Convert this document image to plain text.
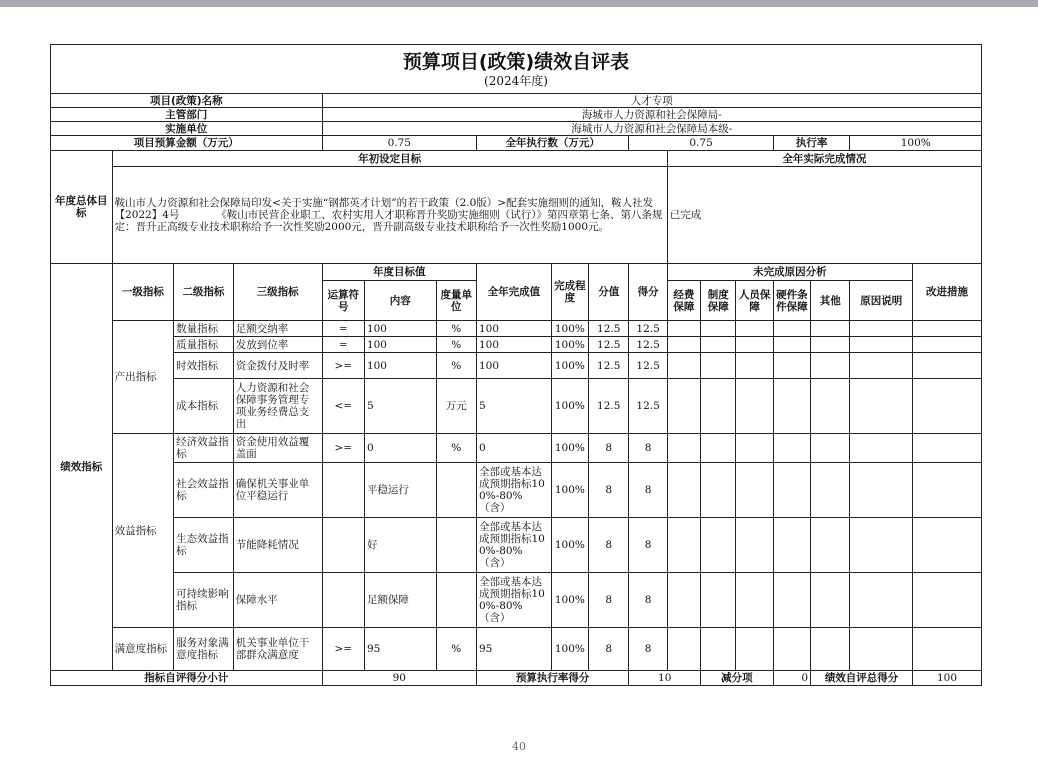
预算项目(政策)绩效自评表
(2024年度)																	

项目(政策)名称				人才专项													
主管部门				海城市人力资源和社会保障局-													
实施单位				海城市人力资源和社会保障局本级-													
项目预算金额（万元）				0.75			全年执行数（万元）			0.75				执行率		100%	
年度总体目标	年初设定目标										全年实际完成情况						
	鞍山市人力资源和社会保障局印发<关于实施“钢都英才计划”的若干政策（2.0版）>配套实施细则的通知，鞍人社发【2022】4号　　　　《鞍山市民营企业职工、农村实用人才职称晋升奖励实施细则（试行）》第四章第七条、第八条规定：晋升正高级专业技术职称给予一次性奖励2000元，晋升副高级专业技术职称给予一次性奖励1000元。										已完成						
绩效指标	一级指标	二级指标	三级指标	年度目标值			全年完成值	完成程度	分值	得分	未完成原因分析						改进措施
				运算符号	内容	度量单位					经费保障	制度保障	人员保障	硬件条件保障	其他	原因说明	

	产出指标	数量指标	足额交纳率	=	100	%	100	100%	12.5	12.5							
		质量指标	发放到位率	=	100	%	100	100%	12.5	12.5							
		时效指标	资金拨付及时率	>=	100	%	100	100%	12.5	12.5							
		成本指标	人力资源和社会保障事务管理专项业务经费总支出	<=	5	万元	5	100%	12.5	12.5							
	效益指标	经济效益指标	资金使用效益覆盖面	>=	0	%	0	100%	8	8							
		社会效益指标	确保机关事业单位平稳运行		平稳运行		全部或基本达成预期指标100%-80%（含）	100%	8	8							
		生态效益指标	节能降耗情况		好		全部或基本达成预期指标100%-80%（含）	100%	8	8							
		可持续影响指标	保障水平		足额保障		全部或基本达成预期指标100%-80%（含）	100%	8	8							
	满意度指标	服务对象满意度指标	机关事业单位干部群众满意度	>=	95	%	95	100%	8	8							
指标自评得分小计				90			预算执行率得分			10		减分项		0	绩效自评总得分		100
40
